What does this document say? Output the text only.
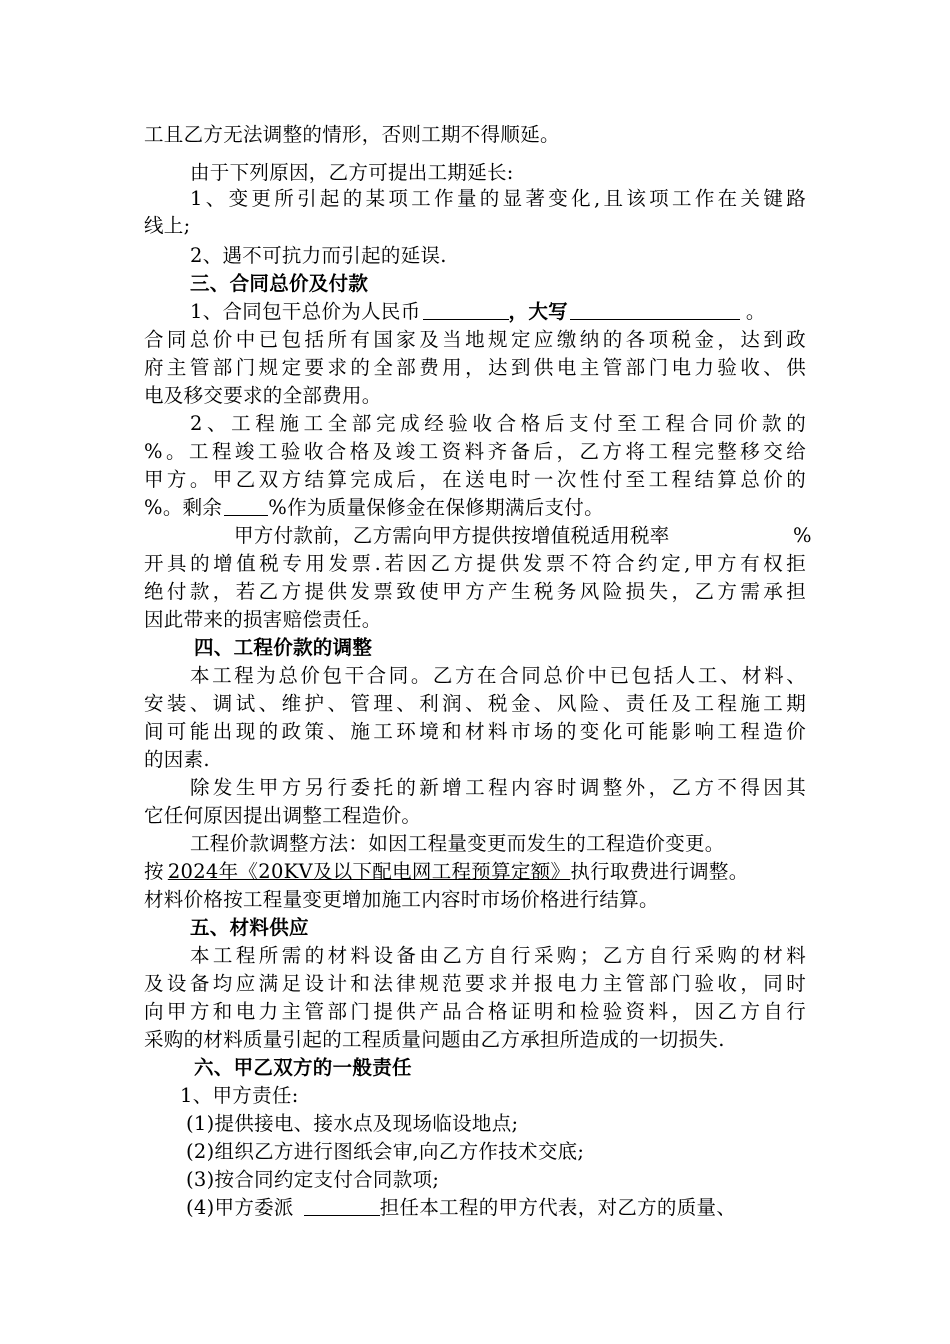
工且乙方无法调整的情形，否则工期不得顺延。
由于下列原因，乙方可提出工期延长:
1、变更所引起的某项工作量的显著变化,且该项工作在关键路
线上;
2、遇不可抗力而引起的延误.
三、合同总价及付款
1、合同包干总价为人民币	，大写	。
合同总价中已包括所有国家及当地规定应缴纳的各项税金，达到政
府主管部门规定要求的全部费用，达到供电主管部门电力验收、供
电及移交要求的全部费用。
2、工程施工全部完成经验收合格后支付至工程合同价款的
%。工程竣工验收合格及竣工资料齐备后，乙方将工程完整移交给
甲方。甲乙双方结算完成后，在送电时一次性付至工程结算总价的
%。剩余 %作为质量保修金在保修期满后支付。
甲方付款前，乙方需向甲方提供按增值税适用税率	%
开具的增值税专用发票.若因乙方提供发票不符合约定,甲方有权拒
绝付款，若乙方提供发票致使甲方产生税务风险损失，乙方需承担
因此带来的损害赔偿责任。
四、工程价款的调整
本工程为总价包干合同。乙方在合同总价中已包括人工、材料、
安装、调试、维护、管理、利润、税金、风险、责任及工程施工期
间可能出现的政策、施工环境和材料市场的变化可能影响工程造价
的因素.
除发生甲方另行委托的新增工程内容时调整外，乙方不得因其
它任何原因提出调整工程造价。
工程价款调整方法：如因工程量变更而发生的工程造价变更。
按 2024年《20KV及以下配电网工程预算定额》执行取费进行调整。
材料价格按工程量变更增加施工内容时市场价格进行结算。
五、材料供应
本工程所需的材料设备由乙方自行采购；乙方自行采购的材料
及设备均应满足设计和法律规范要求并报电力主管部门验收，同时
向甲方和电力主管部门提供产品合格证明和检验资料，因乙方自行
采购的材料质量引起的工程质量问题由乙方承担所造成的一切损失.
六、甲乙双方的一般责任
1、甲方责任:
(1)提供接电、接水点及现场临设地点;
(2)组织乙方进行图纸会审,向乙方作技术交底;
(3)按合同约定支付合同款项;
(4)甲方委派	担任本工程的甲方代表，对乙方的质量、
